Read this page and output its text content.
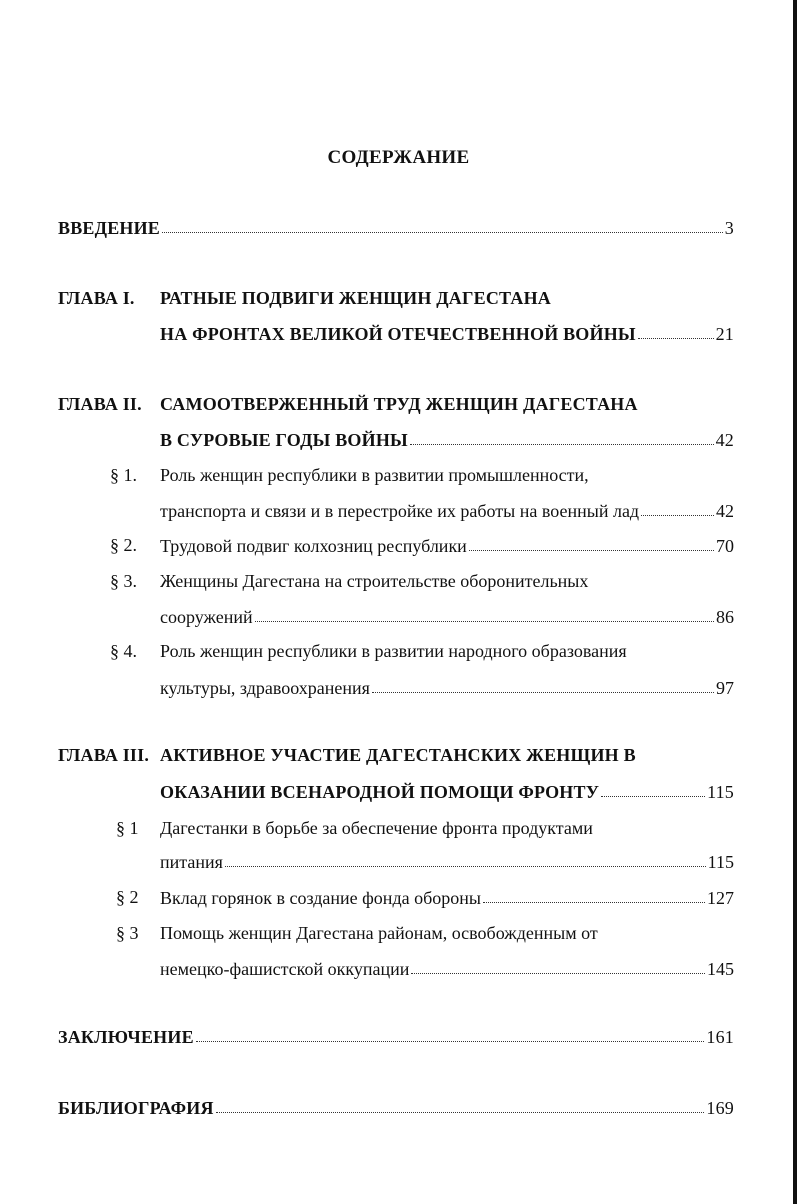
СОДЕРЖАНИЕ
ВВЕДЕНИЕ	3
ГЛАВА I. РАТНЫЕ ПОДВИГИ ЖЕНЩИН ДАГЕСТАНА
НА ФРОНТАХ ВЕЛИКОЙ ОТЕЧЕСТВЕННОЙ ВОЙНЫ	21
ГЛАВА II. САМООТВЕРЖЕННЫЙ ТРУД ЖЕНЩИН ДАГЕСТАНА
В СУРОВЫЕ ГОДЫ ВОЙНЫ	42
§ 1. Роль женщин республики в развитии промышленности,
транспорта и связи и в перестройке их работы на военный лад	42
§ 2. Трудовой подвиг колхозниц республики	70
§ 3. Женщины Дагестана на строительстве оборонительных
сооружений	86
§ 4. Роль женщин республики в развитии народного образования
культуры, здравоохранения	97
ГЛАВА III. АКТИВНОЕ УЧАСТИЕ ДАГЕСТАНСКИХ ЖЕНЩИН В
ОКАЗАНИИ ВСЕНАРОДНОЙ ПОМОЩИ ФРОНТУ	115
§ 1 Дагестанки в борьбе за обеспечение фронта продуктами
питания	115
§ 2 Вклад горянок в создание фонда обороны	127
§ 3 Помощь женщин Дагестана районам, освобожденным от
немецко-фашистской оккупации	145
ЗАКЛЮЧЕНИЕ	161
БИБЛИОГРАФИЯ	169
